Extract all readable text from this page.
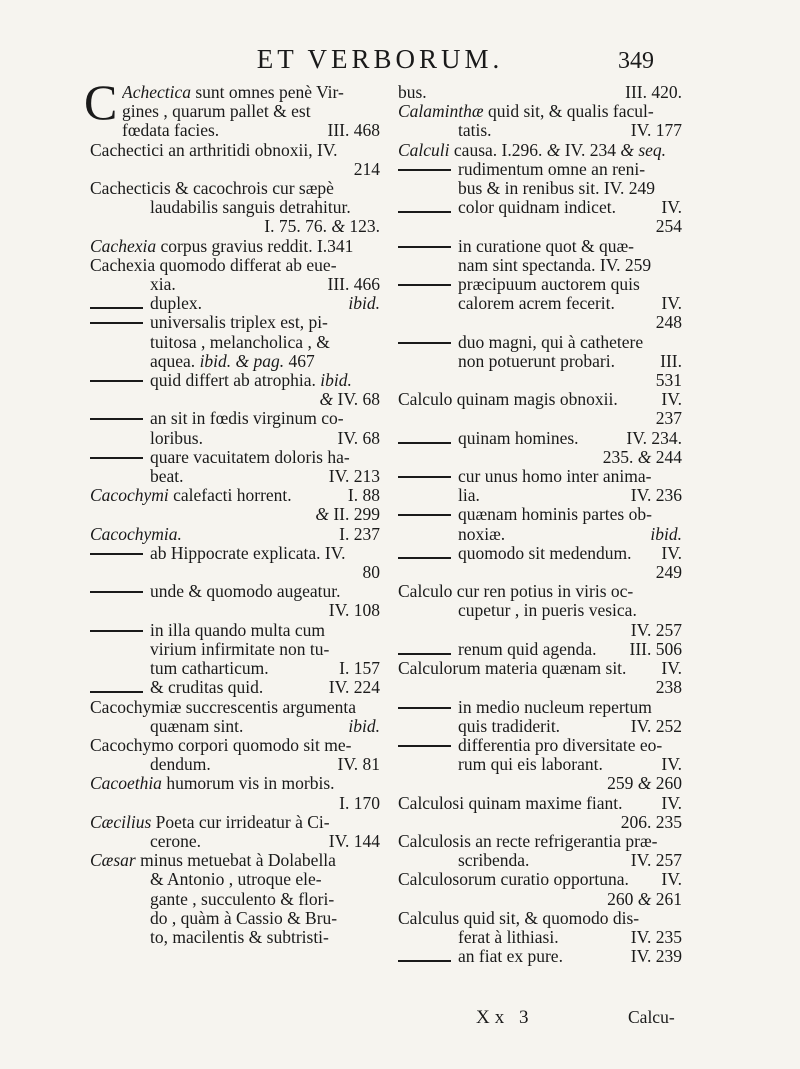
ET VERBORUM.	349
C Achectica sunt omnes penè Vir-
gines , quarum pallet & est
fœdata facies.	III. 468
Cachectici an arthritidi obnoxii, IV.
214
Cachecticis & cacochrois cur sæpè
laudabilis sanguis detrahitur.
I. 75. 76. & 123.
Cachexia corpus gravius reddit. I.341
Cachexia quomodo differat ab eue-
xia.	III. 466
duplex.	ibid.
universalis triplex est, pi-
tuitosa , melancholica , &
aquea. ibid. & pag. 467
quid differt ab atrophia. ibid.
& IV. 68
an sit in fœdis virginum co-
loribus.	IV. 68
quare vacuitatem doloris ha-
beat.	IV. 213
Cacochymi calefacti horrent.	I. 88
& II. 299
Cacochymia.	I. 237
ab Hippocrate explicata. IV.
80
unde & quomodo augeatur.
IV. 108
in illa quando multa cum
virium infirmitate non tu-
tum catharticum.	I. 157
& cruditas quid.	IV. 224
Cacochymiæ succrescentis argumenta
quænam sint.	ibid.
Cacochymo corpori quomodo sit me-
dendum.	IV. 81
Cacoethia humorum vis in morbis.
I. 170
Cæcilius Poeta cur irrideatur à Ci-
cerone.	IV. 144
Cæsar minus metuebat à Dolabella
& Antonio , utroque ele-
gante , succulento & flori-
do , quàm à Cassio & Bru-
to, macilentis & subtristi-
bus.	III. 420.
Calaminthæ quid sit, & qualis facul-
tatis.	IV. 177
Calculi causa. I.296. & IV. 234 & seq.
rudimentum omne an reni-
bus & in renibus sit. IV. 249
color quidnam indicet.	IV.
254
in curatione quot & quæ-
nam sint spectanda. IV. 259
præcipuum auctorem quis
calorem acrem fecerit.	IV.
248
duo magni, qui à cathetere
non potuerunt probari.	III.
531
Calculo quinam magis obnoxii.	IV.
237
quinam homines.	IV. 234.
235. & 244
cur unus homo inter anima-
lia.	IV. 236
quænam hominis partes ob-
noxiæ.	ibid.
quomodo sit medendum.	IV.
249
Calculo cur ren potius in viris oc-
cupetur , in pueris vesica.
IV. 257
renum quid agenda.	III. 506
Calculorum materia quænam sit.	IV.
238
in medio nucleum repertum
quis tradiderit.	IV. 252
differentia pro diversitate eo-
rum qui eis laborant.	IV.
259 & 260
Calculosi quinam maxime fiant.	IV.
206. 235
Calculosis an recte refrigerantia præ-
scribenda.	IV. 257
Calculosorum curatio opportuna.	IV.
260 & 261
Calculus quid sit, & quomodo dis-
ferat à lithiasi.	IV. 235
an fiat ex pure.	IV. 239
Xx 3	Calcu-
